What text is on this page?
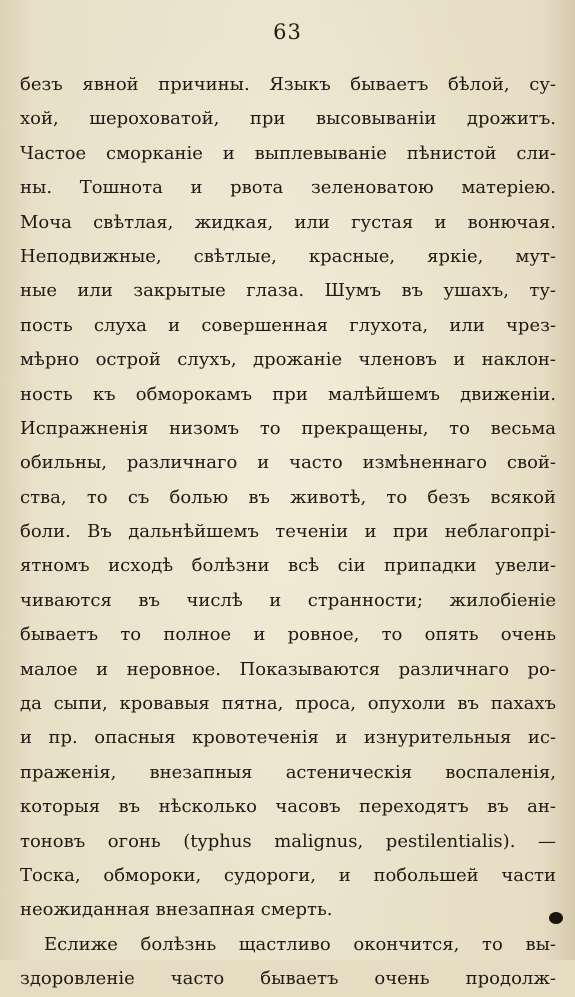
63
безъ явной причины. Языкъ бываетъ бѣлой, су-
хой, шероховатой, при высовываніи дрожитъ.
Частое сморканіе и выплевываніе пѣнистой сли-
ны. Тошнота и рвота зеленоватою матеріею.
Моча свѣтлая, жидкая, или густая и вонючая.
Неподвижные, свѣтлые, красные, яркіе, мут-
ные или закрытые глаза. Шумъ въ ушахъ, ту-
пость слуха и совершенная глухота, или чрез-
мѣрно острой слухъ, дрожаніе членовъ и наклон-
ность къ обморокамъ при малѣйшемъ движеніи.
Испражненія низомъ то прекращены, то весьма
обильны, различнаго и часто измѣненнаго свой-
ства, то съ болью въ животѣ, то безъ всякой
боли. Въ дальнѣйшемъ теченіи и при неблагопрі-
ятномъ исходѣ болѣзни всѣ сіи припадки увели-
чиваются въ числѣ и странности; жилобіеніе
бываетъ то полное и ровное, то опять очень
малое и неровное. Показываются различнаго ро-
да сыпи, кровавыя пятна, проса, опухоли въ пахахъ
и пр. опасныя кровотеченія и изнурительныя ис-
праженія, внезапныя астеническія воспаленія,
которыя въ нѣсколько часовъ переходятъ въ ан-
тоновъ огонь (typhus malignus, pestilentialis). —
Тоска, обмороки, судороги, и побольшей части
неожиданная внезапная смерть.
Еслиже болѣзнь щастливо окончится, то вы-
здоровленіе часто бываетъ очень продолж-
